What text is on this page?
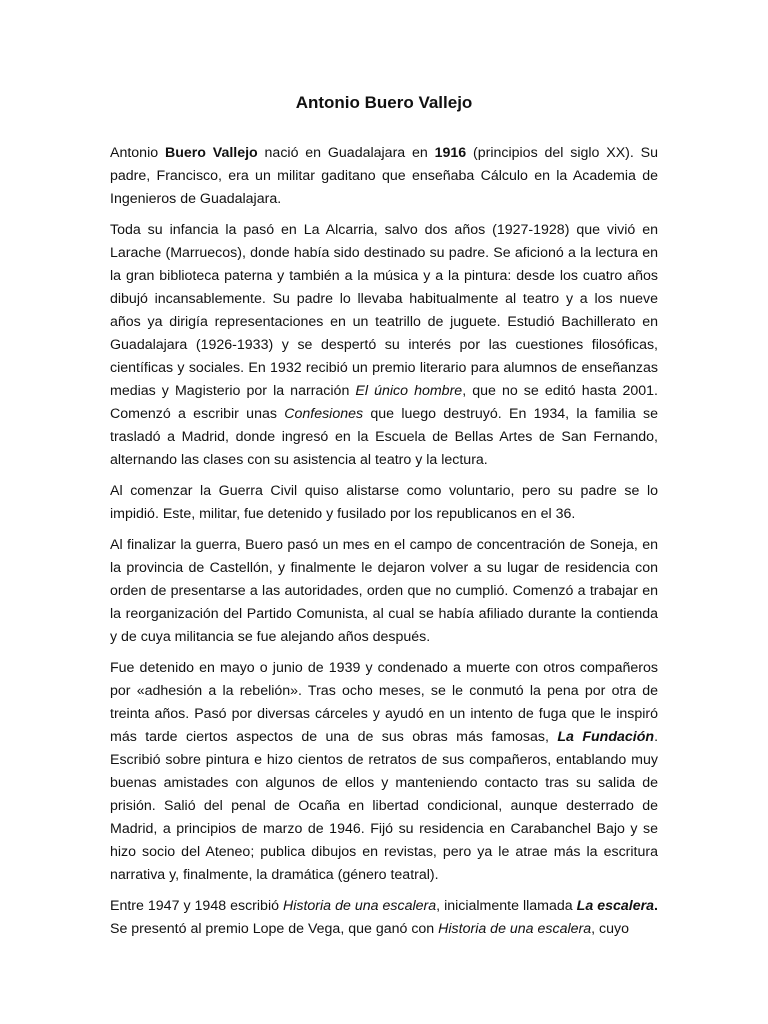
Antonio Buero Vallejo

Antonio Buero Vallejo nació en Guadalajara en 1916 (principios del siglo XX). Su padre, Francisco, era un militar gaditano que enseñaba Cálculo en la Academia de Ingenieros de Guadalajara.

Toda su infancia la pasó en La Alcarria, salvo dos años (1927-1928) que vivió en Larache (Marruecos), donde había sido destinado su padre. Se aficionó a la lectura en la gran biblioteca paterna y también a la música y a la pintura: desde los cuatro años dibujó incansablemente. Su padre lo llevaba habitualmente al teatro y a los nueve años ya dirigía representaciones en un teatrillo de juguete. Estudió Bachillerato en Guadalajara (1926-1933) y se despertó su interés por las cuestiones filosóficas, científicas y sociales. En 1932 recibió un premio literario para alumnos de enseñanzas medias y Magisterio por la narración El único hombre, que no se editó hasta 2001. Comenzó a escribir unas Confesiones que luego destruyó. En 1934, la familia se trasladó a Madrid, donde ingresó en la Escuela de Bellas Artes de San Fernando, alternando las clases con su asistencia al teatro y la lectura.

Al comenzar la Guerra Civil quiso alistarse como voluntario, pero su padre se lo impidió. Este, militar, fue detenido y fusilado por los republicanos en el 36.

Al finalizar la guerra, Buero pasó un mes en el campo de concentración de Soneja, en la provincia de Castellón, y finalmente le dejaron volver a su lugar de residencia con orden de presentarse a las autoridades, orden que no cumplió. Comenzó a trabajar en la reorganización del Partido Comunista, al cual se había afiliado durante la contienda y de cuya militancia se fue alejando años después.

Fue detenido en mayo o junio de 1939 y condenado a muerte con otros compañeros por «adhesión a la rebelión». Tras ocho meses, se le conmutó la pena por otra de treinta años. Pasó por diversas cárceles y ayudó en un intento de fuga que le inspiró más tarde ciertos aspectos de una de sus obras más famosas, La Fundación. Escribió sobre pintura e hizo cientos de retratos de sus compañeros, entablando muy buenas amistades con algunos de ellos y manteniendo contacto tras su salida de prisión. Salió del penal de Ocaña en libertad condicional, aunque desterrado de Madrid, a principios de marzo de 1946. Fijó su residencia en Carabanchel Bajo y se hizo socio del Ateneo; publica dibujos en revistas, pero ya le atrae más la escritura narrativa y, finalmente, la dramática (género teatral).

Entre 1947 y 1948 escribió Historia de una escalera, inicialmente llamada La escalera. Se presentó al premio Lope de Vega, que ganó con Historia de una escalera, cuyo
